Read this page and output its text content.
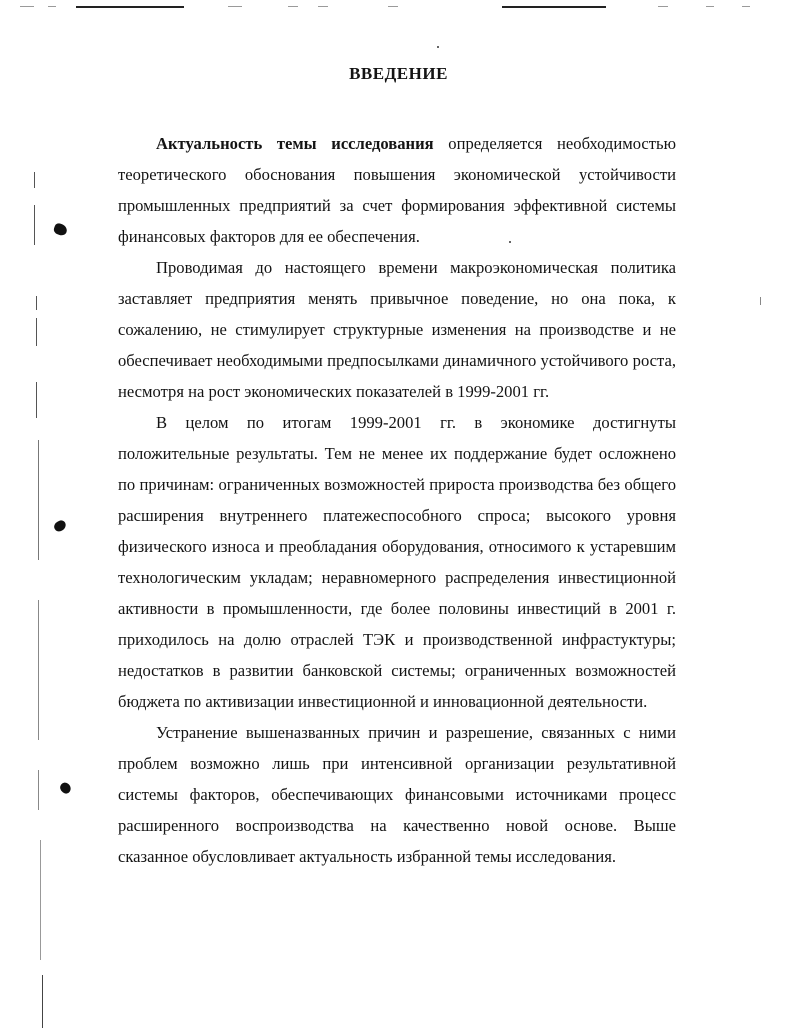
ВВЕДЕНИЕ

Актуальность темы исследования определяется необходимостью теоретического обоснования повышения экономической устойчивости промышленных предприятий за счет формирования эффективной системы финансовых факторов для ее обеспечения.

Проводимая до настоящего времени макроэкономическая политика заставляет предприятия менять привычное поведение, но она пока, к сожалению, не стимулирует структурные изменения на производстве и не обеспечивает необходимыми предпосылками динамичного устойчивого роста, несмотря на рост экономических показателей в 1999-2001 гг.

В целом по итогам 1999-2001 гг. в экономике достигнуты положительные результаты. Тем не менее их поддержание будет осложнено по причинам: ограниченных возможностей прироста производства без общего расширения внутреннего платежеспособного спроса; высокого уровня физического износа и преобладания оборудования, относимого к устаревшим технологическим укладам; неравномерного распределения инвестиционной активности в промышленности, где более половины инвестиций в 2001 г. приходилось на долю отраслей ТЭК и производственной инфрастуктуры; недостатков в развитии банковской системы; ограниченных возможностей бюджета по активизации инвестиционной и инновационной деятельности.

Устранение вышеназванных причин и разрешение, связанных с ними проблем возможно лишь при интенсивной организации результативной системы факторов, обеспечивающих финансовыми источниками процесс расширенного воспроизводства на качественно новой основе. Выше сказанное обусловливает актуальность избранной темы исследования.
